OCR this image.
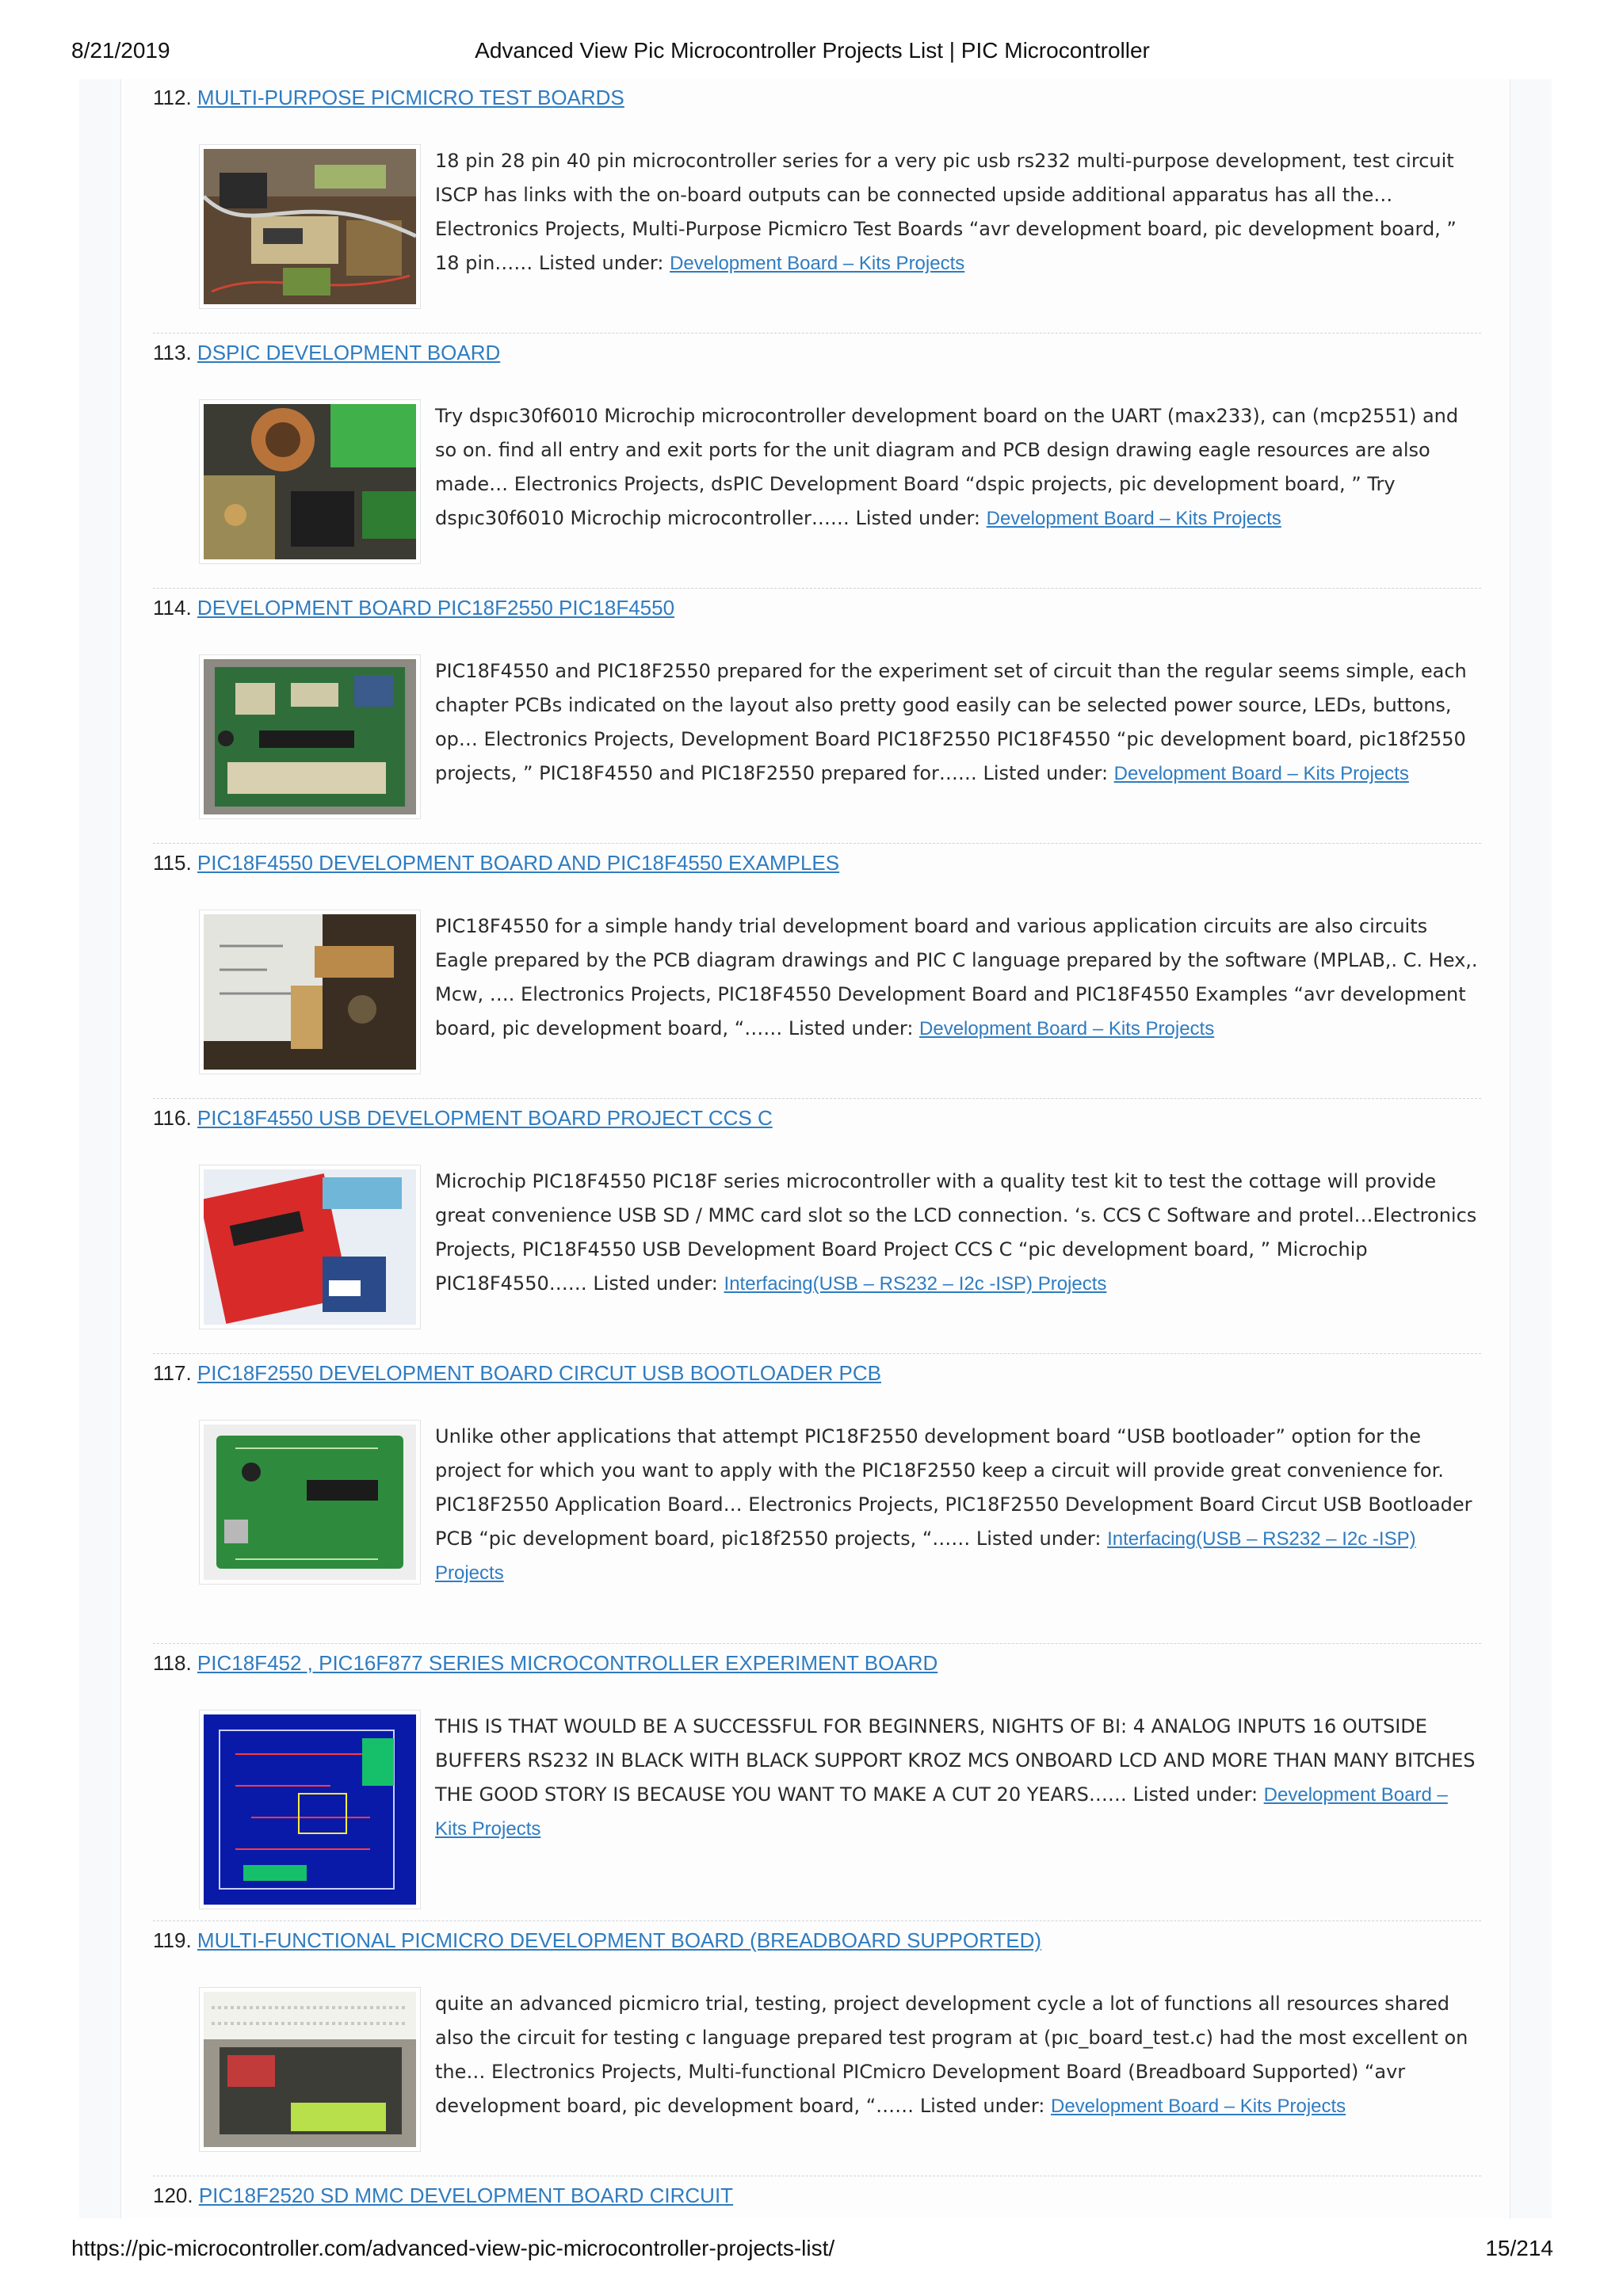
8/21/2019	Advanced View Pic Microcontroller Projects List | PIC Microcontroller
112. MULTI-PURPOSE PICMICRO TEST BOARDS
18 pin 28 pin 40 pin microcontroller series for a very pic usb rs232 multi-purpose development, test circuit ISCP has links with the on-board outputs can be connected upside additional apparatus has all the…Electronics Projects, Multi-Purpose Picmicro Test Boards “avr development board, pic development board, ” 18 pin…… Listed under: Development Board – Kits Projects
113. DSPIC DEVELOPMENT BOARD
Try dspıc30f6010 Microchip microcontroller development board on the UART (max233), can (mcp2551) and so on. find all entry and exit ports for the unit diagram and PCB design drawing eagle resources are also made… Electronics Projects, dsPIC Development Board “dspic projects, pic development board, ” Try dspıc30f6010 Microchip microcontroller…… Listed under: Development Board – Kits Projects
114. DEVELOPMENT BOARD PIC18F2550 PIC18F4550
PIC18F4550 and PIC18F2550 prepared for the experiment set of circuit than the regular seems simple, each chapter PCBs indicated on the layout also pretty good easily can be selected power source, LEDs, buttons, op… Electronics Projects, Development Board PIC18F2550 PIC18F4550 “pic development board, pic18f2550 projects, ” PIC18F4550 and PIC18F2550 prepared for…… Listed under: Development Board – Kits Projects
115. PIC18F4550 DEVELOPMENT BOARD AND PIC18F4550 EXAMPLES
PIC18F4550 for a simple handy trial development board and various application circuits are also circuits Eagle prepared by the PCB diagram drawings and PIC C language prepared by the software (MPLAB,. C. Hex,. Mcw, …. Electronics Projects, PIC18F4550 Development Board and PIC18F4550 Examples “avr development board, pic development board, “…… Listed under: Development Board – Kits Projects
116. PIC18F4550 USB DEVELOPMENT BOARD PROJECT CCS C
Microchip PIC18F4550 PIC18F series microcontroller with a quality test kit to test the cottage will provide great convenience USB SD / MMC card slot so the LCD connection. ‘s. CCS C Software and protel…Electronics Projects, PIC18F4550 USB Development Board Project CCS C “pic development board, ” Microchip PIC18F4550…… Listed under: Interfacing(USB – RS232 – I2c -ISP) Projects
117. PIC18F2550 DEVELOPMENT BOARD CIRCUT USB BOOTLOADER PCB
Unlike other applications that attempt PIC18F2550 development board “USB bootloader” option for the project for which you want to apply with the PIC18F2550 keep a circuit will provide great convenience for. PIC18F2550 Application Board… Electronics Projects, PIC18F2550 Development Board Circut USB Bootloader PCB “pic development board, pic18f2550 projects, “…… Listed under: Interfacing(USB – RS232 – I2c -ISP) Projects
118. PIC18F452 , PIC16F877 SERIES MICROCONTROLLER EXPERIMENT BOARD
THIS IS THAT WOULD BE A SUCCESSFUL FOR BEGINNERS, NIGHTS OF BI: 4 ANALOG INPUTS 16 OUTSIDE BUFFERS RS232 IN BLACK WITH BLACK SUPPORT KROZ MCS ONBOARD LCD AND MORE THAN MANY BITCHES THE GOOD STORY IS BECAUSE YOU WANT TO MAKE A CUT 20 YEARS…… Listed under: Development Board – Kits Projects
119. MULTI-FUNCTIONAL PICMICRO DEVELOPMENT BOARD (BREADBOARD SUPPORTED)
quite an advanced picmicro trial, testing, project development cycle a lot of functions all resources shared also the circuit for testing c language prepared test program at (pıc_board_test.c) had the most excellent on the… Electronics Projects, Multi-functional PICmicro Development Board (Breadboard Supported) “avr development board, pic development board, “…… Listed under: Development Board – Kits Projects
120. PIC18F2520 SD MMC DEVELOPMENT BOARD CIRCUIT
https://pic-microcontroller.com/advanced-view-pic-microcontroller-projects-list/	15/214
